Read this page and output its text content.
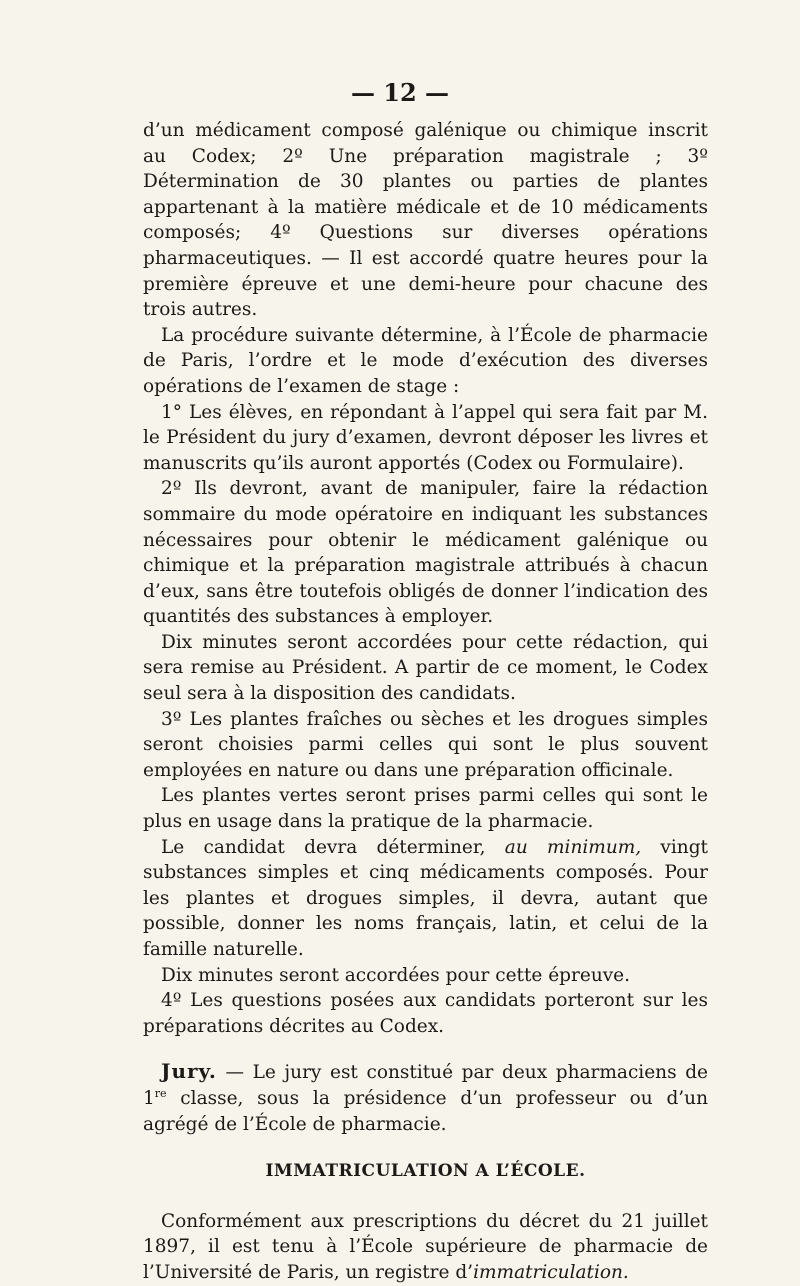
— 12 —

d’un médicament composé galénique ou chimique inscrit au Codex; 2º Une préparation magistrale ; 3º Détermination de 30 plantes ou parties de plantes appartenant à la matière médicale et de 10 médicaments composés; 4º Questions sur diverses opérations pharmaceutiques. — Il est accordé quatre heures pour la première épreuve et une demi-heure pour chacune des trois autres.

La procédure suivante détermine, à l’École de pharmacie de Paris, l’ordre et le mode d’exécution des diverses opérations de l’examen de stage :

1° Les élèves, en répondant à l’appel qui sera fait par M. le Président du jury d’examen, devront déposer les livres et manuscrits qu’ils auront apportés (Codex ou Formulaire).

2º Ils devront, avant de manipuler, faire la rédaction sommaire du mode opératoire en indiquant les substances nécessaires pour obtenir le médicament galénique ou chimique et la préparation magistrale attribués à chacun d’eux, sans être toutefois obligés de donner l’indication des quantités des substances à employer.

Dix minutes seront accordées pour cette rédaction, qui sera remise au Président. A partir de ce moment, le Codex seul sera à la disposition des candidats.

3º Les plantes fraîches ou sèches et les drogues simples seront choisies parmi celles qui sont le plus souvent employées en nature ou dans une préparation officinale.

Les plantes vertes seront prises parmi celles qui sont le plus en usage dans la pratique de la pharmacie.

Le candidat devra déterminer, au minimum, vingt substances simples et cinq médicaments composés. Pour les plantes et drogues simples, il devra, autant que possible, donner les noms français, latin, et celui de la famille naturelle.

Dix minutes seront accordées pour cette épreuve.

4º Les questions posées aux candidats porteront sur les préparations décrites au Codex.

Jury. — Le jury est constitué par deux pharmaciens de 1re classe, sous la présidence d’un professeur ou d’un agrégé de l’École de pharmacie.

IMMATRICULATION A L’ÉCOLE.

Conformément aux prescriptions du décret du 21 juillet 1897, il est tenu à l’École supérieure de pharmacie de l’Université de Paris, un registre d’immatriculation.
